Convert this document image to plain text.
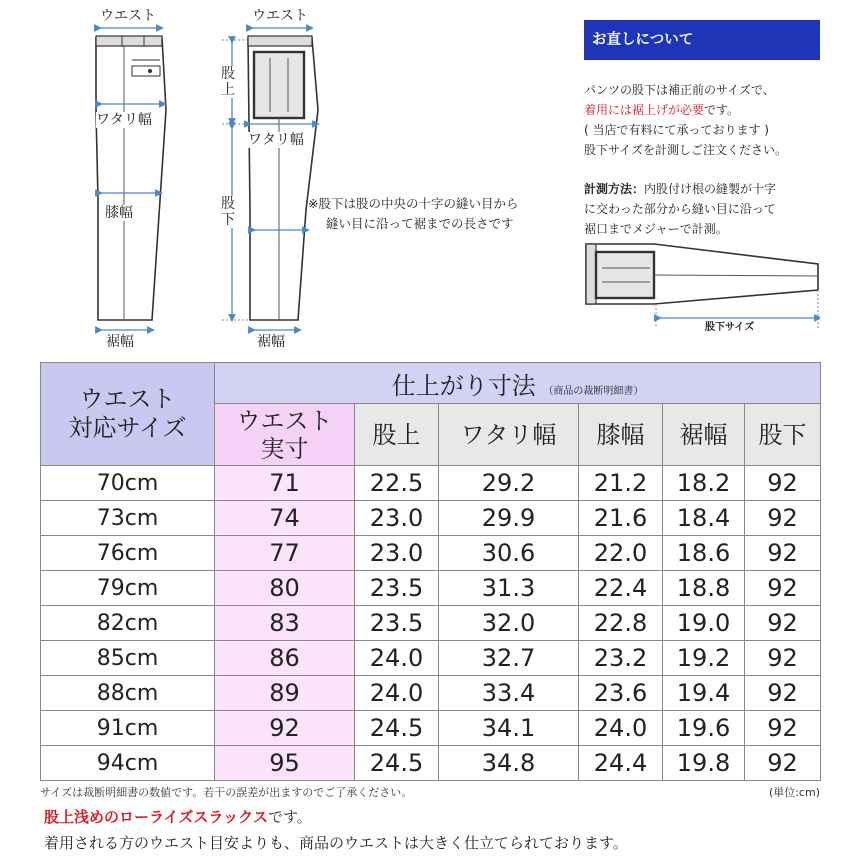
ウエスト
ワタリ幅
膝幅
裾幅
ウエスト
股上
ワタリ幅
股下
裾幅
※股下は股の中央の十字の縫い目から
縫い目に沿って裾までの長さです
お直しについて
パンツの股下は補正前のサイズで、
着用には裾上げが必要です。
( 当店で有料にて承っております )
股下サイズを計測しご注文ください。
計測方法：内股付け根の縫製が十字
に交わった部分から縫い目に沿って
裾口までメジャーで計測。
股下サイズ
ウエスト
対応サイズ	仕上がり寸法 （商品の裁断明細書）					

	ウエスト
実寸	股上	ワタリ幅	膝幅	裾幅	股下
70cm	71	22.5	29.2	21.2	18.2	92
73cm	74	23.0	29.9	21.6	18.4	92
76cm	77	23.0	30.6	22.0	18.6	92
79cm	80	23.5	31.3	22.4	18.8	92
82cm	83	23.5	32.0	22.8	19.0	92
85cm	86	24.0	32.7	23.2	19.2	92
88cm	89	24.0	33.4	23.6	19.4	92
91cm	92	24.5	34.1	24.0	19.6	92
94cm	95	24.5	34.8	24.4	19.8	92
サイズは裁断明細書の数値です。若干の誤差が出ますのでご了承ください。	(単位:cm)
股上浅めのローライズスラックスです。
着用される方のウエスト目安よりも、商品のウエストは大きく仕立てられております。
